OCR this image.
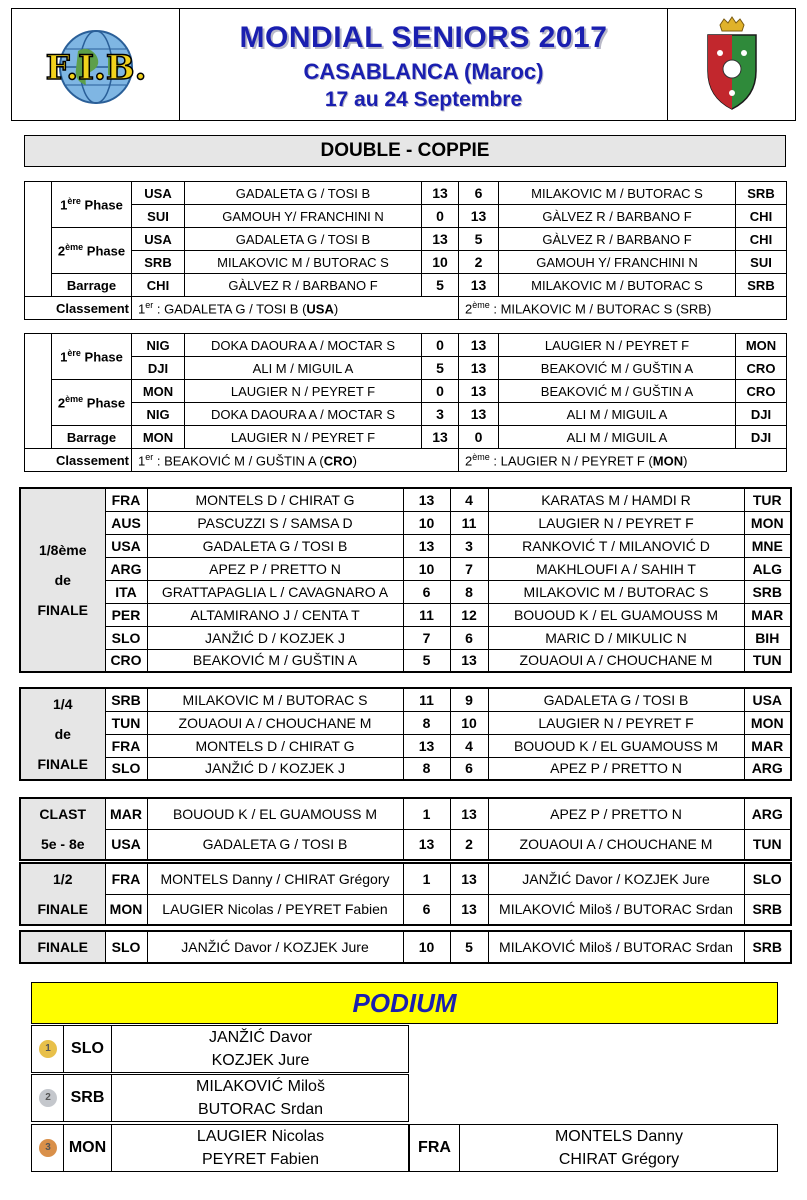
F.I.B.
MONDIAL SENIORS 2017
CASABLANCA (Maroc)
17 au 24 Septembre
DOUBLE - COPPIE
	1ère Phase	USA	GADALETA G / TOSI B	13	6	MILAKOVIC M / BUTORAC S	SRB
		SUI	GAMOUH Y/ FRANCHINI N	0	13	GÀLVEZ R / BARBANO F	CHI
	2ème Phase	USA	GADALETA G / TOSI B	13	5	GÀLVEZ R / BARBANO F	CHI
		SRB	MILAKOVIC M / BUTORAC S	10	2	GAMOUH Y/ FRANCHINI N	SUI
	Barrage	CHI	GÀLVEZ R / BARBANO F	5	13	MILAKOVIC M / BUTORAC S	SRB
Classement		1er : GADALETA G / TOSI B (USA)			2ème : MILAKOVIC M / BUTORAC S (SRB)		
	1ère Phase	NIG	DOKA DAOURA A / MOCTAR S	0	13	LAUGIER N / PEYRET F	MON
		DJI	ALI M / MIGUIL A	5	13	BEAKOVIĆ M / GUŠTIN A	CRO
	2ème Phase	MON	LAUGIER N / PEYRET F	0	13	BEAKOVIĆ M / GUŠTIN A	CRO
		NIG	DOKA DAOURA A / MOCTAR S	3	13	ALI M / MIGUIL A	DJI
	Barrage	MON	LAUGIER N / PEYRET F	13	0	ALI M / MIGUIL A	DJI
Classement		1er : BEAKOVIĆ M / GUŠTIN A (CRO)			2ème : LAUGIER N / PEYRET F (MON)		
1/8ème
de
FINALE	FRA	MONTELS D / CHIRAT G	13	4	KARATAS M / HAMDI R	TUR
	AUS	PASCUZZI S / SAMSA D	10	11	LAUGIER N / PEYRET F	MON
	USA	GADALETA G / TOSI B	13	3	RANKOVIĆ T / MILANOVIĆ D	MNE
	ARG	APEZ P / PRETTO N	10	7	MAKHLOUFI A / SAHIH T	ALG
	ITA	GRATTAPAGLIA L / CAVAGNARO A	6	8	MILAKOVIC M / BUTORAC S	SRB
	PER	ALTAMIRANO J / CENTA T	11	12	BOUOUD K / EL GUAMOUSS M	MAR
	SLO	JANŽIĆ D / KOZJEK J	7	6	MARIC D / MIKULIC N	BIH
	CRO	BEAKOVIĆ M / GUŠTIN A	5	13	ZOUAOUI A / CHOUCHANE M	TUN
1/4
de
FINALE	SRB	MILAKOVIC M / BUTORAC S	11	9	GADALETA G / TOSI B	USA
	TUN	ZOUAOUI A / CHOUCHANE M	8	10	LAUGIER N / PEYRET F	MON
	FRA	MONTELS D / CHIRAT G	13	4	BOUOUD K / EL GUAMOUSS M	MAR
	SLO	JANŽIĆ D / KOZJEK J	8	6	APEZ P / PRETTO N	ARG
CLAST
5e - 8e	MAR	BOUOUD K / EL GUAMOUSS M	1	13	APEZ P / PRETTO N	ARG
	USA	GADALETA G / TOSI B	13	2	ZOUAOUI A / CHOUCHANE M	TUN
1/2
FINALE	FRA	MONTELS Danny / CHIRAT Grégory	1	13	JANŽIĆ Davor / KOZJEK Jure	SLO
	MON	LAUGIER Nicolas / PEYRET Fabien	6	13	MILAKOVIĆ Miloš / BUTORAC Srdan	SRB
FINALE	SLO	JANŽIĆ Davor / KOZJEK Jure	10	5	MILAKOVIĆ Miloš / BUTORAC Srdan	SRB
PODIUM
1	SLO
JANŽIĆ Davor
KOZJEK Jure
2	SRB
MILAKOVIĆ Miloš
BUTORAC Srdan
3	MON
LAUGIER Nicolas
PEYRET Fabien
FRA
MONTELS Danny
CHIRAT Grégory
